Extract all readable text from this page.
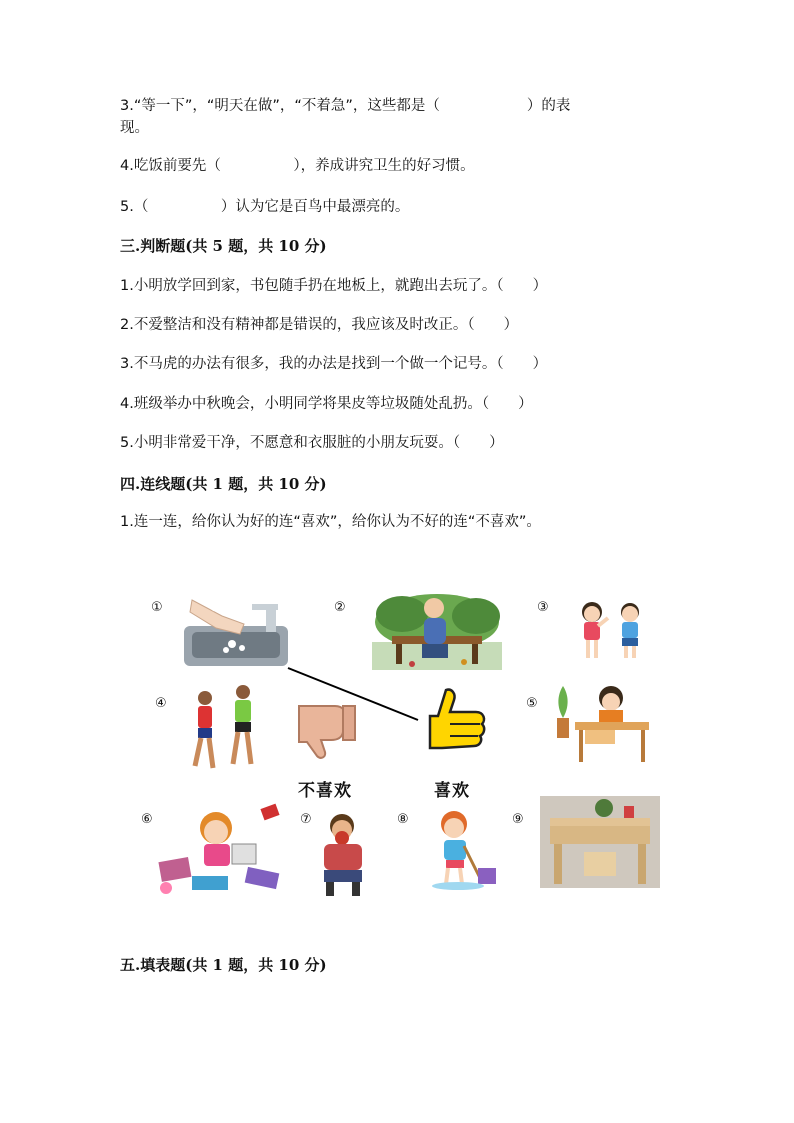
3.“等一下”，“明天在做”，“不着急”，这些都是（　　　　　　）的表
现。
4.吃饭前要先（　　　　　），养成讲究卫生的好习惯。
5.（　　　　　）认为它是百鸟中最漂亮的。
三.判断题(共 5 题，共 10 分)
1.小明放学回到家，书包随手扔在地板上，就跑出去玩了。（　　）
2.不爱整洁和没有精神都是错误的，我应该及时改正。（　　）
3.不马虎的办法有很多，我的办法是找到一个做一个记号。（　　）
4.班级举办中秋晚会，小明同学将果皮等垃圾随处乱扔。（　　）
5.小明非常爱干净，不愿意和衣服脏的小朋友玩耍。（　　）
四.连线题(共 1 题，共 10 分)
1.连一连，给你认为好的连“喜欢”，给你认为不好的连“不喜欢”。
①	②	③
④	⑤
⑥	⑦	⑧	⑨
不喜欢	喜欢
五.填表题(共 1 题，共 10 分)
